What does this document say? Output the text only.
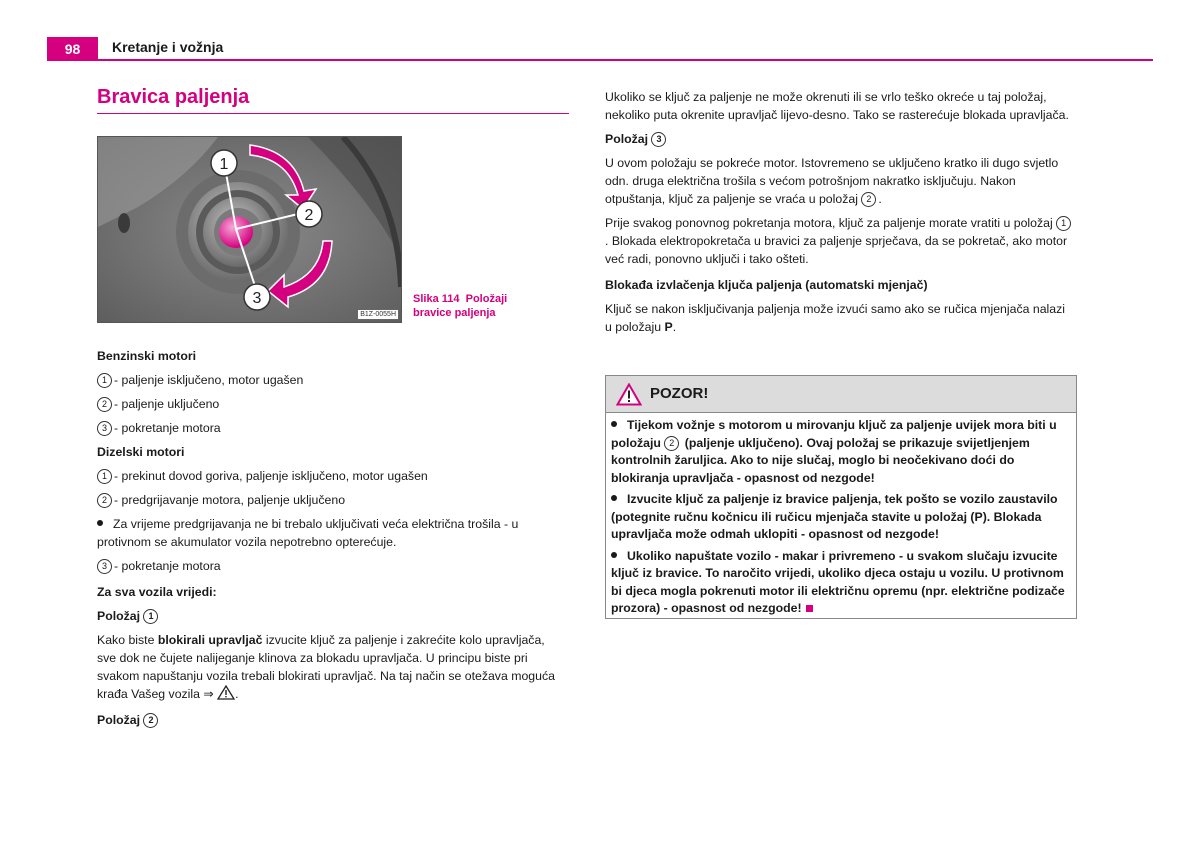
98	Kretanje i vožnja
Bravica paljenja
1
2
3
B1Z-0055H
Slika 114 Položaji bravice paljenja

Benzinski motori

1 - paljenje isključeno, motor ugašen

2 - paljenje uključeno

3 - pokretanje motora

Dizelski motori

1 - prekinut dovod goriva, paljenje isključeno, motor ugašen

2 - predgrijavanje motora, paljenje uključeno

Za vrijeme predgrijavanja ne bi trebalo uključivati veća električna trošila - u protivnom se akumulator vozila nepotrebno opterećuje.

3 - pokretanje motora

Za sva vozila vrijedi:

Položaj 1

Kako biste blokirali upravljač izvucite ključ za paljenje i zakrećite kolo upravljača, sve dok ne čujete nalijeganje klinova za blokadu upravljača. U principu biste pri svakom napuštanju vozila trebali blokirati upravljač. Na taj način se otežava moguća krađa Vašeg vozila ⇒ .

Položaj 2

Ukoliko se ključ za paljenje ne može okrenuti ili se vrlo teško okreće u taj položaj, nekoliko puta okrenite upravljač lijevo-desno. Tako se rasterećuje blokada upravljača.

Položaj 3

U ovom položaju se pokreće motor. Istovremeno se uključeno kratko ili dugo svjetlo odn. druga električna trošila s većom potrošnjom nakratko isključuju. Nakon otpuštanja, ključ za paljenje se vraća u položaj 2 .

Prije svakog ponovnog pokretanja motora, ključ za paljenje morate vratiti u položaj 1. Blokada elektropokretača u bravici za paljenje sprječava, da se pokretač, ako motor već radi, ponovno uključi i tako ošteti.

Blokađa izvlačenja ključa paljenja (automatski mjenjač)

Ključ se nakon isključivanja paljenja može izvući samo ako se ručica mjenjača nalazi u položaju P.

POZOR!

Tijekom vožnje s motorom u mirovanju ključ za paljenje uvijek mora biti u položaju 2 (paljenje uključeno). Ovaj položaj se prikazuje svijetljenjem kontrolnih žaruljica. Ako to nije slučaj, moglo bi neočekivano doći do blokiranja upravljača - opasnost od nezgode!

Izvucite ključ za paljenje iz bravice paljenja, tek pošto se vozilo zaustavilo (potegnite ručnu kočnicu ili ručicu mjenjača stavite u položaj (P). Blokada upravljača može odmah uklopiti - opasnost od nezgode!

Ukoliko napuštate vozilo - makar i privremeno - u svakom slučaju izvucite ključ iz bravice. To naročito vrijedi, ukoliko djeca ostaju u vozilu. U protivnom bi djeca mogla pokrenuti motor ili električnu opremu (npr. električne podizače prozora) - opasnost od nezgode!
